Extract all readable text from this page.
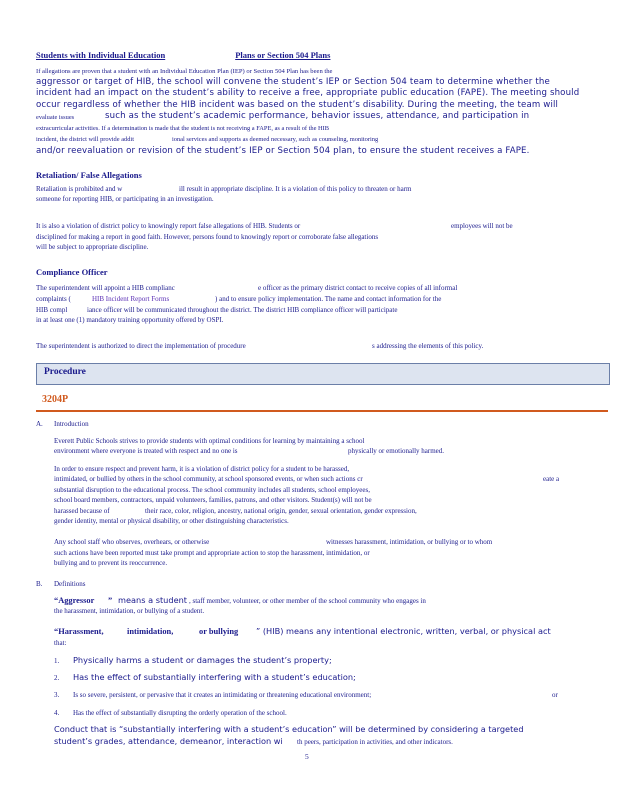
Students with Individual Education	Plans or Section 504 Plans
If allegations are proven that a student with an Individual Education Plan (IEP) or Section 504 Plan has been the
aggressor or target of HIB, the school will convene the student’s IEP or Section 504 team to determine whether the
incident had an impact on the student’s ability to receive a free, appropriate public education (FAPE). The meeting should
occur regardless of whether the HIB incident was based on the student’s disability. During the meeting, the team will
evaluate issues	such as the student’s academic performance, behavior issues, attendance, and participation in
extracurricular activities. If a determination is made that the student is not receiving a FAPE, as a result of the HIB
incident, the district will provide addit	ional services and supports as deemed necessary, such as counseling, monitoring
and/or reevaluation or revision of the student’s IEP or Section 504 plan, to ensure the student receives a FAPE.
Retaliation/ False Allegations
Retaliation is prohibited and w	ill result in appropriate discipline. It is a violation of this policy to threaten or harm
someone for reporting HIB, or participating in an investigation.
It is also a violation of district policy to knowingly report false allegations of HIB. Students or	employees will not be
disciplined for making a report in good faith. However, persons found to knowingly report or corroborate false allegations
will be subject to appropriate discipline.
Compliance Officer
The superintendent will appoint a HIB complianc	e officer as the primary district contact to receive copies of all informal
complaints (	HIB Incident Report Forms	) and to ensure policy implementation. The name and contact information for the
HIB compl	iance officer will be communicated throughout the district. The district HIB compliance officer will participate
in at least one (1) mandatory training opportunity offered by OSPI.
The superintendent is authorized to direct the implementation of procedure	s addressing the elements of this policy.
Procedure
3204P
A. Introduction
Everett Public Schools strives to provide students with optimal conditions for learning by maintaining a school
environment where everyone is treated with respect and no one is	physically or emotionally harmed.
In order to ensure respect and prevent harm, it is a violation of district policy for a student to be harassed,
intimidated, or bullied by others in the school community, at school sponsored events, or when such actions cr	eate a
substantial disruption to the educational process. The school community includes all students, school employees,
school board members, contractors, unpaid volunteers, families, patrons, and other visitors. Student(s) will not be
harassed because of	their race, color, religion, ancestry, national origin, gender, sexual orientation, gender expression,
gender identity, mental or physical disability, or other distinguishing characteristics.
Any school staff who observes, overhears, or otherwise	witnesses harassment, intimidation, or bullying or to whom
such actions have been reported must take prompt and appropriate action to stop the harassment, intimidation, or
bullying and to prevent its reoccurrence.
B. Definitions
“Aggressor ” means a student , staff member, volunteer, or other member of the school community who engages in
the harassment, intimidation, or bullying of a student.
“Harassment,	intimidation,	or bullying ” (HIB) means any intentional electronic, written, verbal, or physical act
that:
1. Physically harms a student or damages the student’s property;
2. Has the effect of substantially interfering with a student’s education;
3. Is so severe, persistent, or pervasive that it creates an intimidating or threatening educational environment;	or
4. Has the effect of substantially disrupting the orderly operation of the school.
Conduct that is “substantially interfering with a student’s education” will be determined by considering a targeted
student’s grades, attendance, demeanor, interaction wi th peers, participation in activities, and other indicators.
5
